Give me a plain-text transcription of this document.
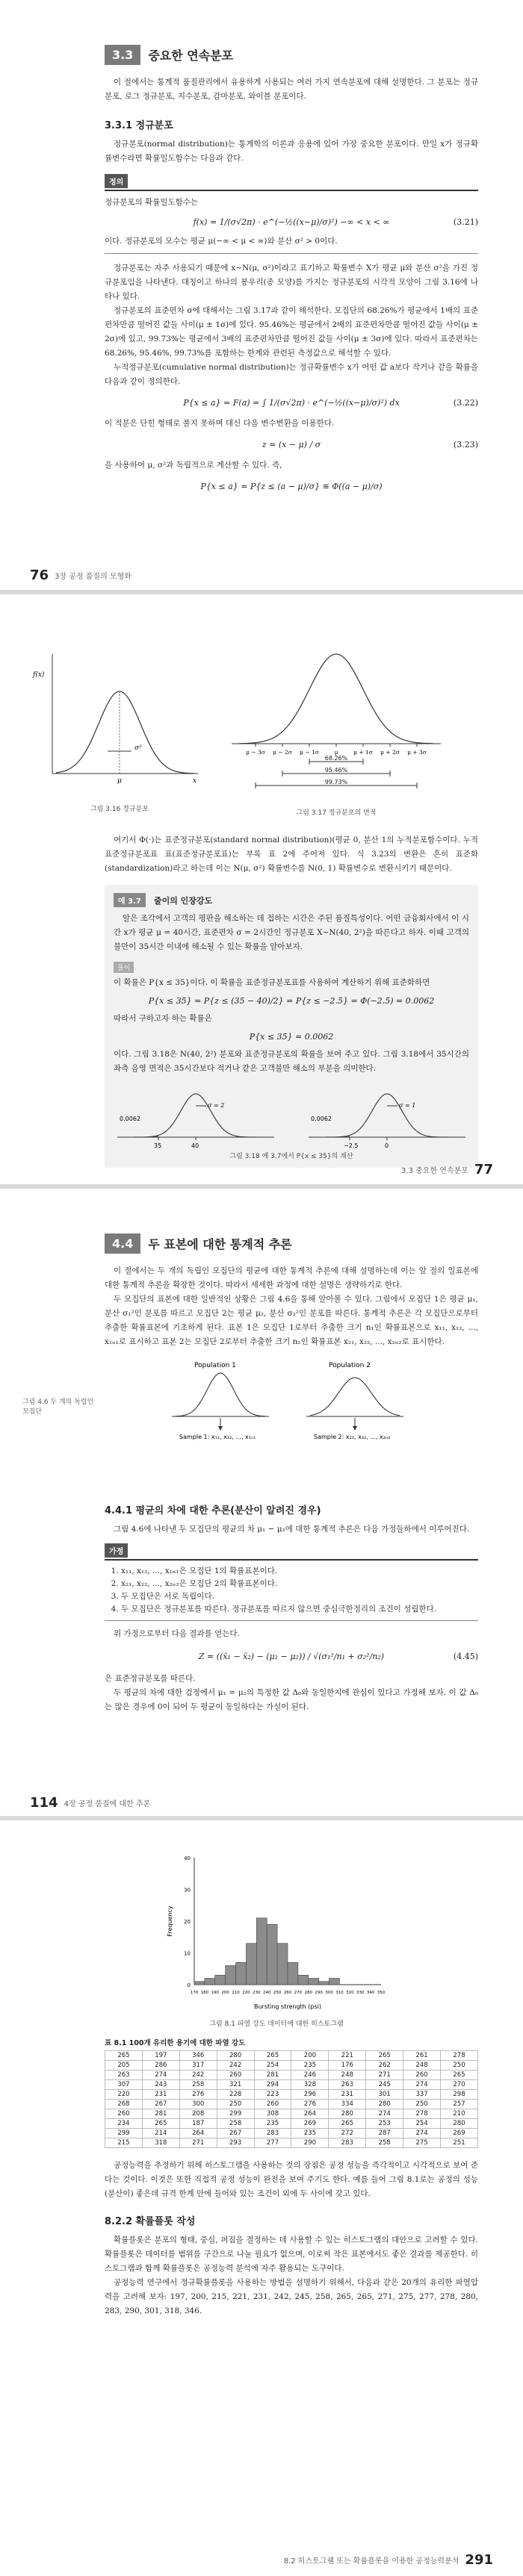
3.3	중요한 연속분포

이 절에서는 통계적 품질관리에서 유용하게 사용되는 여러 가지 연속분포에 대해 설명한다. 그 분포는 정규분포, 로그 정규분포, 지수분포, 감마분포, 와이블 분포이다.

3.3.1 정규분포

정규분포(normal distribution)는 통계학의 이론과 응용에 있어 가장 중요한 분포이다. 만일 x가 정규확률변수라면 확률밀도함수는 다음과 같다.

정의

정규분포의 확률밀도함수는

f(x) = 1/(σ√2π) · e^(−½((x−μ)/σ)²) −∞ < x < ∞	(3.21)

이다. 정규분포의 모수는 평균 μ(−∞ < μ < ∞)와 분산 σ² > 0이다.

정규분포는 자주 사용되기 때문에 x~N(μ, σ²)이라고 표기하고 확률변수 X가 평균 μ와 분산 σ²을 가진 정규분포임을 나타낸다. 대칭이고 하나의 봉우리(종 모양)를 가지는 정규분포의 시각적 모양이 그림 3.16에 나타나 있다.

정규분포의 표준편차 σ에 대해서는 그림 3.17과 같이 해석한다. 모집단의 68.26%가 평균에서 1배의 표준편차만큼 떨어진 값들 사이(μ ± 1σ)에 있다. 95.46%는 평균에서 2배의 표준편차만큼 떨어진 값들 사이(μ ± 2σ)에 있고, 99.73%는 평균에서 3배의 표준편차만큼 떨어진 값들 사이(μ ± 3σ)에 있다. 따라서 표준편차는 68.26%, 95.46%, 99.73%를 포함하는 한계와 관련된 측정값으로 해석할 수 있다.

누적정규분포(cumulative normal distribution)는 정규확률변수 x가 어떤 값 a보다 작거나 같을 확률을 다음과 같이 정의한다.

P{x ≤ a} = F(a) = ∫ 1/(σ√2π) · e^(−½((x−μ)/σ)²) dx	(3.22)

이 적분은 단힌 형태로 풀지 못하며 대신 다음 변수변환을 이용한다.

z = (x − μ) / σ	(3.23)

을 사용하여 μ, σ²과 독립적으로 계산할 수 있다. 즉,

P{x ≤ a} = P{z ≤ (a − μ)/σ} ≡ Φ((a − μ)/σ)
76 3장 공정 품질의 모형화
f(x)
μ
σ²
x
그림 3.16 정규분포
μ − 3σ μ − 2σ μ − 1σ	μ	μ + 1σ μ + 2σ μ + 3σ
68.26%
95.46%
99.73%
그림 3.17 정규분포의 면적

여기서 Φ(·)는 표준정규분포(standard normal distribution)(평균 0, 분산 1의 누적분포함수이다. 누적표준정규분포표 표(표준정규분포표)는 부록 표 2에 주어져 있다. 식 3.23의 변환은 흔히 표준화(standardization)라고 하는데 이는 N(μ, σ²) 확률변수를 N(0, 1) 확률변수로 변환시키기 때문이다.

예 3.7 줄이의 인장강도

알은 조각에서 고객의 평판을 해소하는 데 접하는 시간은 주된 품질특성이다. 어떤 금융회사에서 이 시간 x가 평균 μ = 40시간, 표준편차 σ = 2시간인 정규분포 X~N(40, 2²)을 따른다고 하자. 이때 고객의 불만이 35시간 이내에 해소될 수 있는 확률을 알아보자.

풀이

이 확률은 P{x ≤ 35}이다. 이 확률을 표준정규분포표를 사용하여 계산하기 위해 표준화하면

P{x ≤ 35} = P{z ≤ (35 − 40)/2} = P{z ≤ −2.5} = Φ(−2.5) = 0.0062

따라서 구하고자 하는 확률은

P{x ≤ 35} = 0.0062

이다. 그림 3.18은 N(40, 2²) 분포와 표준정규분포의 확률을 보여 주고 있다. 그림 3.18에서 35시간의 좌측 음영 면적은 35시간보다 적거나 같은 고객불만 해소의 부분을 의미한다.

35	40
0.0062
σ = 2
−2.5	0
0.0062
σ = 1
그림 3.18 예 3.7에서 P{x ≤ 35}의 계산
3.3 중요한 연속분포 77
4.4	두 표본에 대한 통계적 추론

이 절에서는 두 개의 독립인 모집단의 평균에 대한 통계적 추론에 대해 설명하는데 이는 앞 절의 일표본에 대한 통계적 추론을 확장한 것이다. 따라서 세세한 과정에 대한 설명은 생략하기로 한다.

두 모집단의 표본에 대한 일반적인 상황은 그림 4.6을 통해 알아볼 수 있다. 그림에서 모집단 1은 평균 μ₁, 분산 σ₁²인 분포를 따르고 모집단 2는 평균 μ₂, 분산 σ₂²인 분포를 따른다. 통계적 추론은 각 모집단으로부터 추출한 확률표본에 기초하게 된다. 표본 1은 모집단 1로부터 추출한 크기 n₁인 확률표본으로 x₁₁, x₁₂, ..., x₁ₙ₁로 표시하고 표본 2는 모집단 2로부터 추출한 크기 n₂인 확률표본 x₂₁, x₂₂, ..., x₂ₙ₂로 표시한다.

Population 1	Population 2
Sample 1: x₁₁, x₁₂, ..., x₁ₙ₁	Sample 2: x₂₁, x₂₂, ..., x₂ₙ₂
그림 4.6 두 개의 독립인 모집단
4.4.1 평균의 차에 대한 추론(분산이 알려진 경우)

그림 4.6에 나타낸 두 모집단의 평균의 차 μ₁ − μ₂에 대한 통계적 추론은 다음 가정들하에서 이루어진다.

가정
1. x₁₁, x₁₂, ..., x₁ₙ₁은 모집단 1의 확률표본이다.
2. x₂₁, x₂₂, ..., x₂ₙ₂은 모집단 2의 확률표본이다.
3. 두 모집단은 서로 독립이다.
4. 두 모집단은 정규분포를 따른다. 정규분포를 따르지 않으면 중심극한정리의 조건이 성립한다.

위 가정으로부터 다음 결과를 얻는다.

Z = ((x̄₁ − x̄₂) − (μ₁ − μ₂)) / √(σ₁²/n₁ + σ₂²/n₂)	(4.45)

은 표준정규분포를 따른다.

두 평균의 차에 대한 검정에서 μ₁ = μ₂의 특정한 값 Δ₀와 동일한지에 관심이 있다고 가정해 보자. 이 값 Δ₀는 많은 경우에 0이 되어 두 평균이 동일하다는 가설이 된다.

114 4장 공정 품질에 대한 추론
0
10
20
30
40
170 180 190 200 210 220 230 240 250 260 270 280 290 300 310 320 330 340 350
Bursting strength (psi)
Frequency
그림 8.1 파열 강도 데이터에 대한 히스토그램
표 8.1 100개 유리한 용기에 대한 파열 강도
265	197	346	280	265	200	221	265	261	278
205	286	317	242	254	235	176	262	248	250
263	274	242	260	281	246	248	271	260	265
307	243	258	321	294	328	263	245	274	270
220	231	276	228	223	296	231	301	337	298
268	267	300	250	260	276	334	280	250	257
260	281	208	299	308	264	280	274	278	210
234	265	187	258	235	269	265	253	254	280
299	214	264	267	283	235	272	287	274	269
215	318	271	293	277	290	283	258	275	251

공정능력을 추정하기 위해 히스토그램을 사용하는 것의 장점은 공정 성능을 즉각적이고 시각적으로 보여 준다는 것이다. 이것은 또한 직접적 공정 성능이 완전을 보여 주기도 한다. 예를 들어 그림 8.1로는 공정의 성능(분산이) 좋은데 규격 한계 안에 들어와 있는 조건이 외에 두 사이에 갖고 있다.

8.2.2 확률플롯 작성

확률플롯은 분포의 형태, 중심, 퍼짐을 결정하는 데 사용할 수 있는 히스토그램의 대안으로 고려할 수 있다. 확률플롯은 데이터를 범위를 구간으로 나눌 필요가 없으며, 이로써 작은 표본에서도 좋은 결과를 제공한다. 히스토그램과 함께 확률플롯은 공정능력 분석에 자주 활용되는 도구이다.

공정능력 연구에서 정규확률플롯을 사용하는 방법을 설명하기 위해서, 다음과 같은 20개의 유리한 파열압력을 고려해 보자: 197, 200, 215, 221, 231, 242, 245, 258, 265, 265, 271, 275, 277, 278, 280, 283, 290, 301, 318, 346.

8.2 히스토그램 또는 확률플롯을 이용한 공정능력분석 291
